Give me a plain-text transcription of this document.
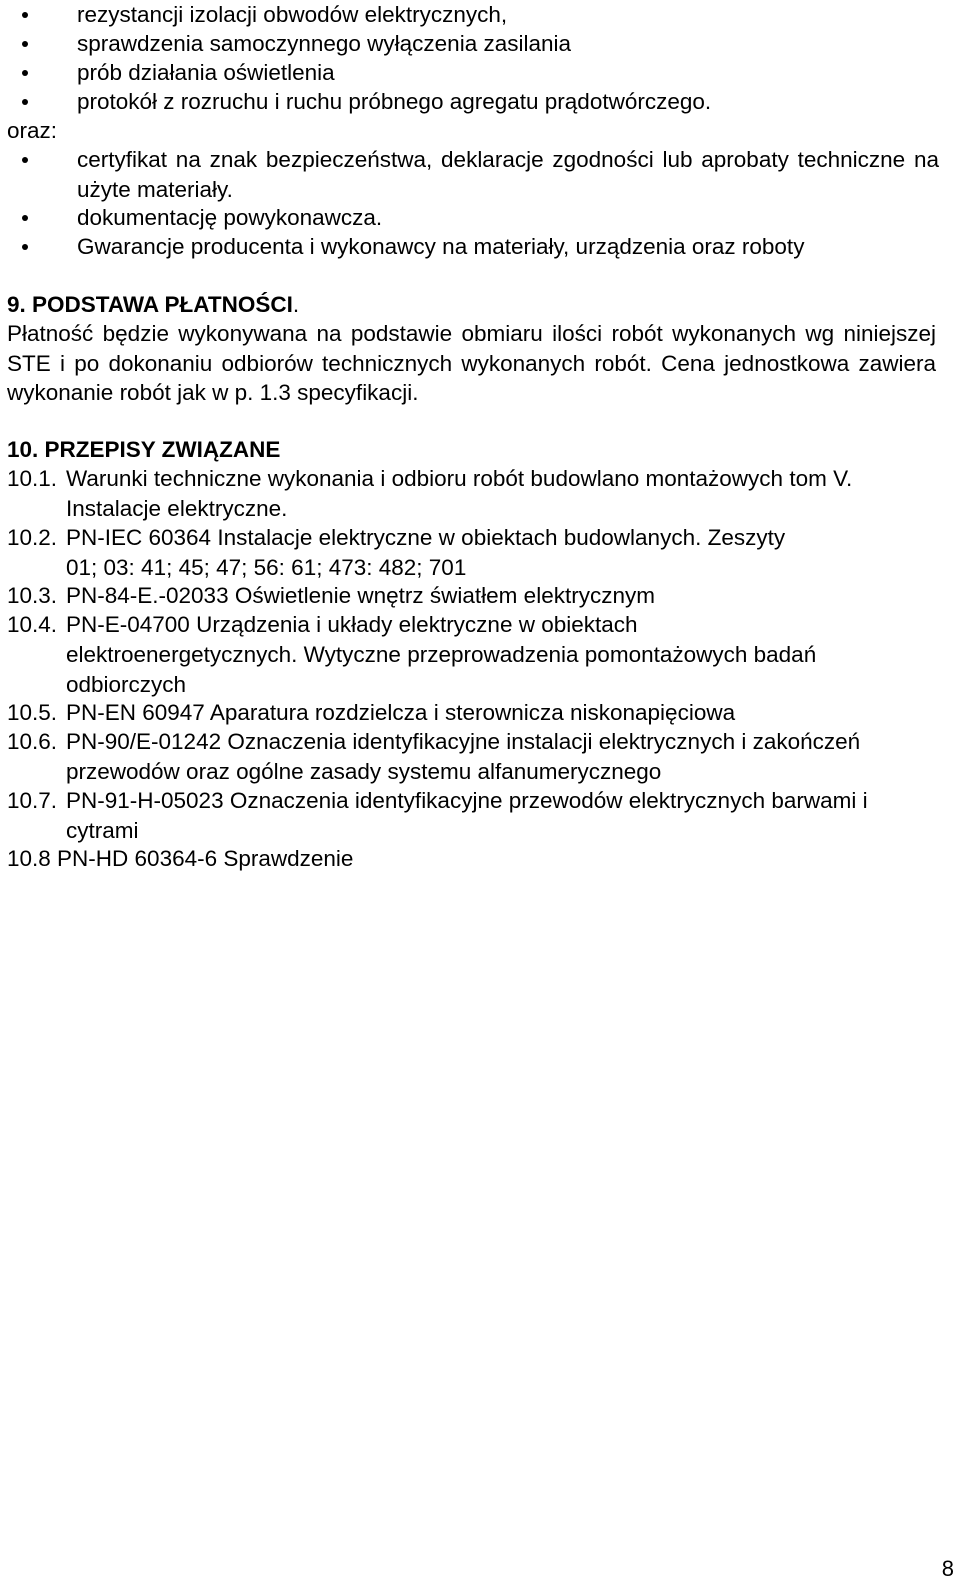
rezystancji izolacji obwodów elektrycznych,
sprawdzenia samoczynnego wyłączenia zasilania
prób działania oświetlenia
protokół z rozruchu i ruchu próbnego agregatu prądotwórczego.
oraz:
certyfikat na znak bezpieczeństwa, deklaracje zgodności lub aprobaty techniczne na użyte materiały.
dokumentację powykonawcza.
Gwarancje producenta i wykonawcy na materiały, urządzenia oraz roboty
9. PODSTAWA PŁATNOŚCI.
Płatność będzie wykonywana na podstawie obmiaru ilości robót wykonanych wg niniejszej STE i po dokonaniu odbiorów technicznych wykonanych robót. Cena jednostkowa zawiera wykonanie robót jak w p. 1.3 specyfikacji.
10. PRZEPISY ZWIĄZANE
10.1. Warunki techniczne wykonania i odbioru robót budowlano montażowych tom V. Instalacje elektryczne.
10.2. PN-IEC 60364 Instalacje elektryczne w obiektach budowlanych. Zeszyty 01; 03: 41; 45; 47; 56: 61; 473: 482; 701
10.3. PN-84-E.-02033 Oświetlenie wnętrz światłem elektrycznym
10.4. PN-E-04700 Urządzenia i układy elektryczne w obiektach elektroenergetycznych. Wytyczne przeprowadzenia pomontażowych badań odbiorczych
10.5. PN-EN 60947 Aparatura rozdzielcza i sterownicza niskonapięciowa
10.6. PN-90/E-01242 Oznaczenia identyfikacyjne instalacji elektrycznych i zakończeń przewodów oraz ogólne zasady systemu alfanumerycznego
10.7. PN-91-H-05023 Oznaczenia identyfikacyjne przewodów elektrycznych barwami i cytrami
10.8 PN-HD 60364-6 Sprawdzenie
8
